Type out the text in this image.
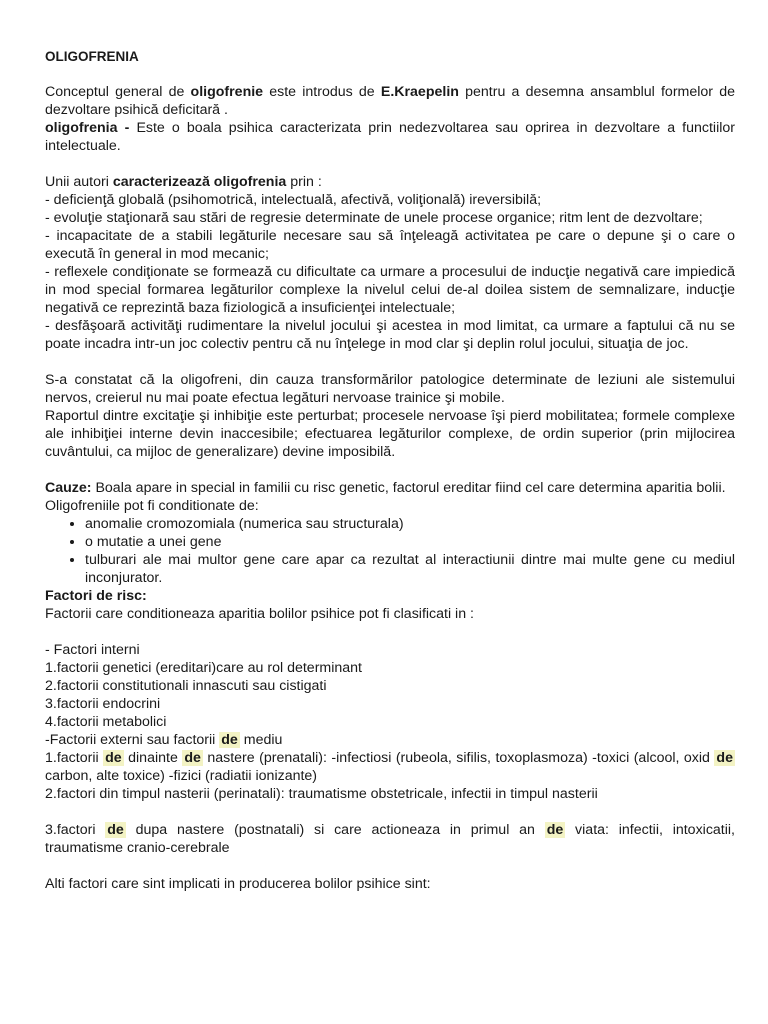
OLIGOFRENIA

Conceptul general de oligofrenie este introdus de E.Kraepelin pentru a desemna ansamblul formelor de dezvoltare psihică deficitară .

oligofrenia - Este o boala psihica caracterizata prin nedezvoltarea sau oprirea in dezvoltare a functiilor intelectuale.

Unii autori caracterizează oligofrenia prin :

- deficienţă globală (psihomotrică, intelectuală, afectivă, voliţională) ireversibilă;

- evoluţie staţionară sau stări de regresie determinate de unele procese organice; ritm lent de dezvoltare;

- incapacitate de a stabili legăturile necesare sau să înţeleagă activitatea pe care o depune şi o care o execută în general in mod mecanic;

- reflexele condiţionate se formează cu dificultate ca urmare a procesului de inducţie negativă care impiedică in mod special formarea legăturilor complexe la nivelul celui de-al doilea sistem de semnalizare, inducţie negativă ce reprezintă baza fiziologică a insuficienţei intelectuale;

- desfăşoară activităţi rudimentare la nivelul jocului şi acestea in mod limitat, ca urmare a faptului că nu se poate incadra intr-un joc colectiv pentru că nu înţelege in mod clar şi deplin rolul jocului, situaţia de joc.

S-a constatat că la oligofreni, din cauza transformărilor patologice determinate de leziuni ale sistemului nervos, creierul nu mai poate efectua legături nervoase trainice şi mobile.

Raportul dintre excitaţie şi inhibiţie este perturbat; procesele nervoase îşi pierd mobilitatea; formele complexe ale inhibiţiei interne devin inaccesibile; efectuarea legăturilor complexe, de ordin superior (prin mijlocirea cuvântului, ca mijloc de generalizare) devine imposibilă.

Cauze: Boala apare in special in familii cu risc genetic, factorul ereditar fiind cel care determina aparitia bolii.

Oligofreniile pot fi conditionate de:

• anomalie cromozomiala (numerica sau structurala)
• o mutatie a unei gene
• tulburari ale mai multor gene care apar ca rezultat al interactiunii dintre mai multe gene cu mediul inconjurator.

Factori de risc:

Factorii care conditioneaza aparitia bolilor psihice pot fi clasificati in :

- Factori interni

1.factorii genetici (ereditari)care au rol determinant

2.factorii constitutionali innascuti sau cistigati

3.factorii endocrini

4.factorii metabolici

-Factorii externi sau factorii de mediu

1.factorii de dinainte de nastere (prenatali): -infectiosi (rubeola, sifilis, toxoplasmoza) -toxici (alcool, oxid de carbon, alte toxice) -fizici (radiatii ionizante)

2.factori din timpul nasterii (perinatali): traumatisme obstetricale, infectii in timpul nasterii

3.factori de dupa nastere (postnatali) si care actioneaza in primul an de viata: infectii, intoxicatii, traumatisme cranio-cerebrale

Alti factori care sint implicati in producerea bolilor psihice sint:
